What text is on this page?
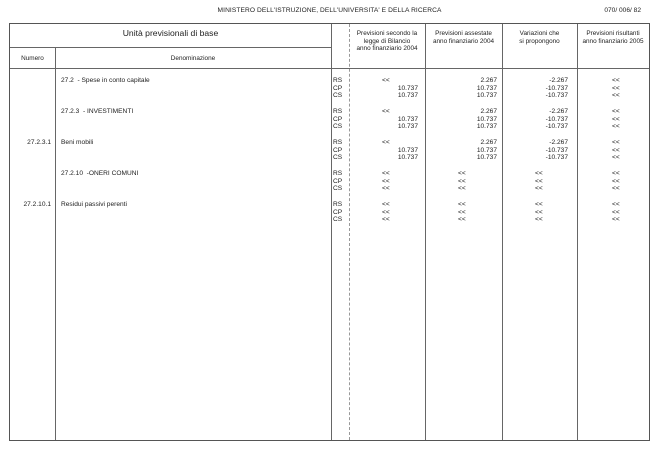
MINISTERO DELL'ISTRUZIONE, DELL'UNIVERSITA' E DELLA RICERCA	070/ 006/ 82
Unità previsionali di base
Numero	Denominazione
Previsioni secondo la
legge di Bilancio
anno finanziario 2004
Previsioni assestate
anno finanziario 2004
Variazioni che
si propongono
Previsioni risultanti
anno finanziario 2005
27.2  - Spese in conto capitale	RS	<<	2.267	-2.267	<<
CP	10.737	10.737	-10.737	<<
CS	10.737	10.737	-10.737	<<
27.2.3  - INVESTIMENTI	RS	<<	2.267	-2.267	<<
CP	10.737	10.737	-10.737	<<
CS	10.737	10.737	-10.737	<<
27.2.3.1 Beni mobili	RS	<<	2.267	-2.267	<<
CP	10.737	10.737	-10.737	<<
CS	10.737	10.737	-10.737	<<
27.2.10  -ONERI COMUNI	RS	<<	<<	<<	<<
CP	<<	<<	<<	<<
CS	<<	<<	<<	<<
27.2.10.1 Residui passivi perenti	RS	<<	<<	<<	<<
CP	<<	<<	<<	<<
CS	<<	<<	<<	<<
